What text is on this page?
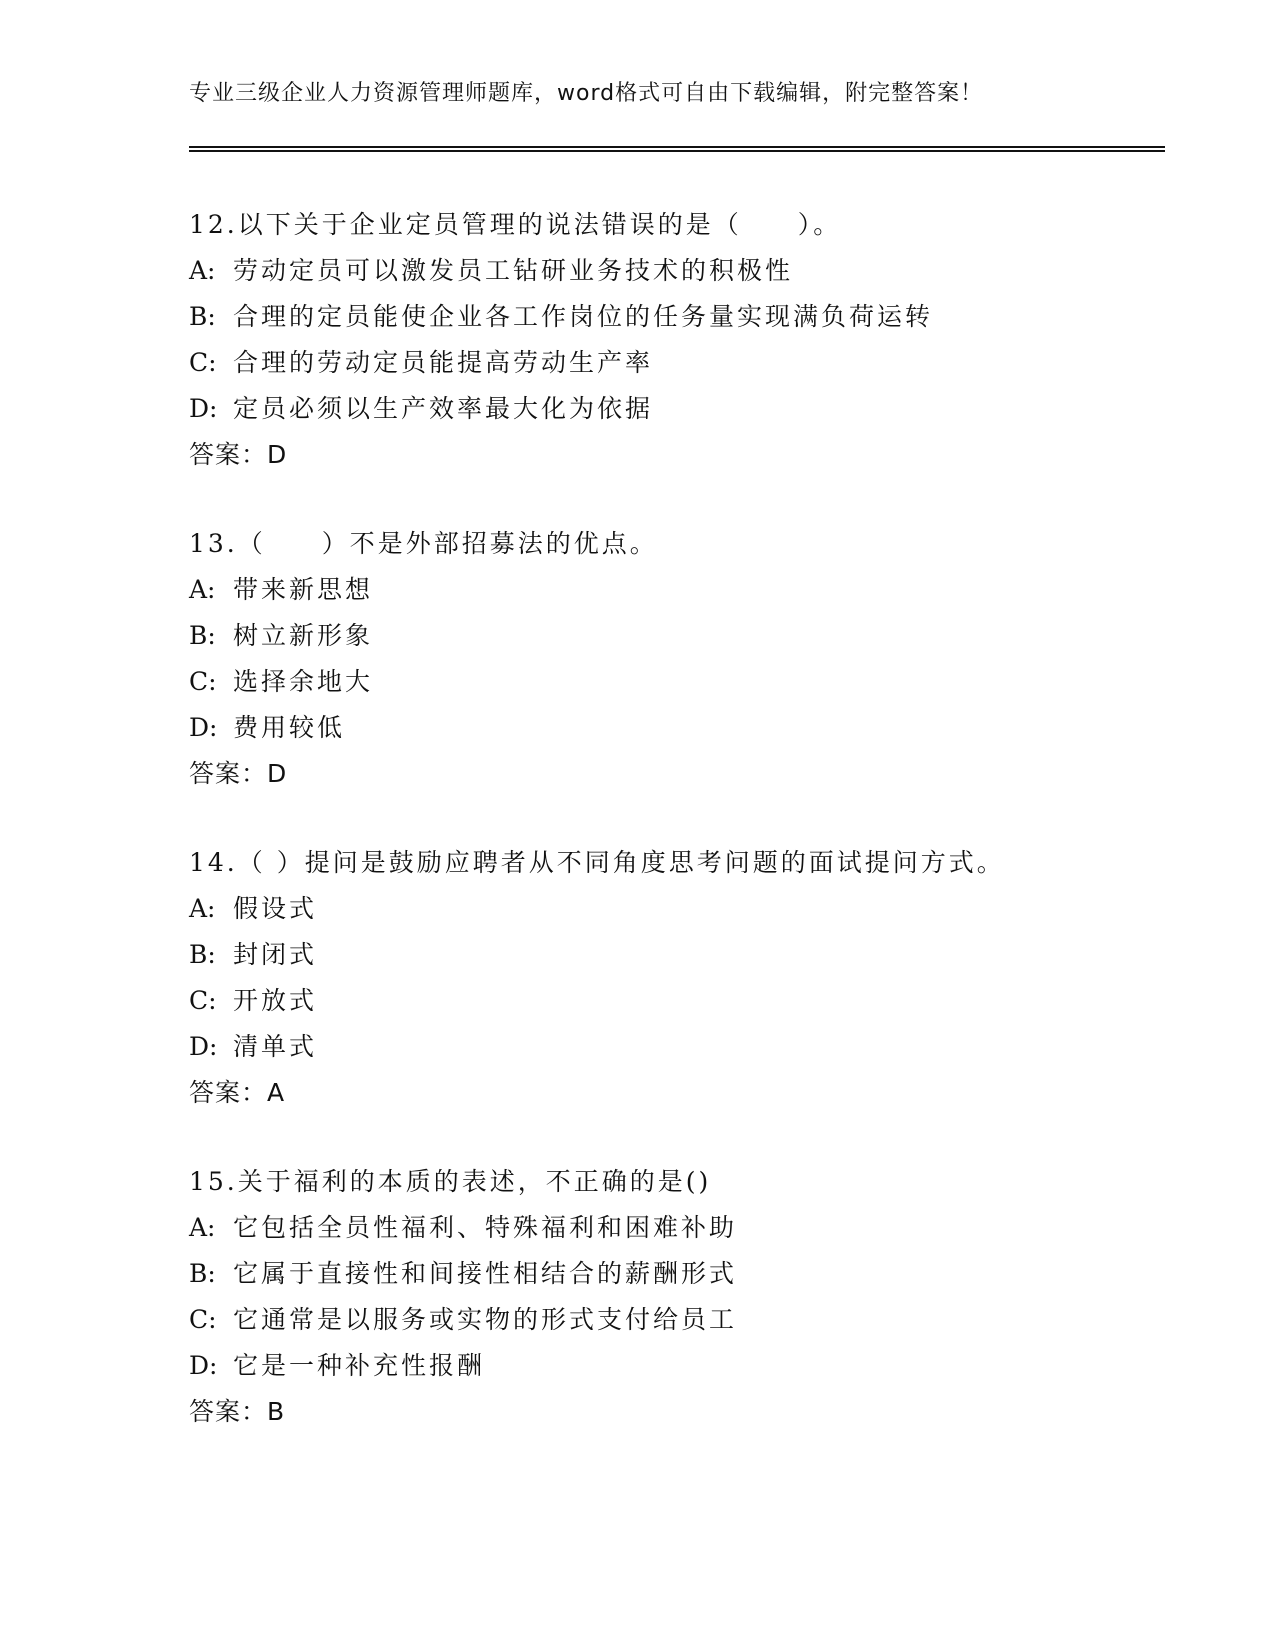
专业三级企业人力资源管理师题库，word格式可自由下载编辑，附完整答案！
12.以下关于企业定员管理的说法错误的是（　　）。
A: 劳动定员可以激发员工钻研业务技术的积极性
B: 合理的定员能使企业各工作岗位的任务量实现满负荷运转
C: 合理的劳动定员能提高劳动生产率
D: 定员必须以生产效率最大化为依据
答案：D
13.（　　）不是外部招募法的优点。
A: 带来新思想
B: 树立新形象
C: 选择余地大
D: 费用较低
答案：D
14.（ ）提问是鼓励应聘者从不同角度思考问题的面试提问方式。
A: 假设式
B: 封闭式
C: 开放式
D: 清单式
答案：A
15.关于福利的本质的表述，不正确的是()
A: 它包括全员性福利、特殊福利和困难补助
B: 它属于直接性和间接性相结合的薪酬形式
C: 它通常是以服务或实物的形式支付给员工
D: 它是一种补充性报酬
答案：B
